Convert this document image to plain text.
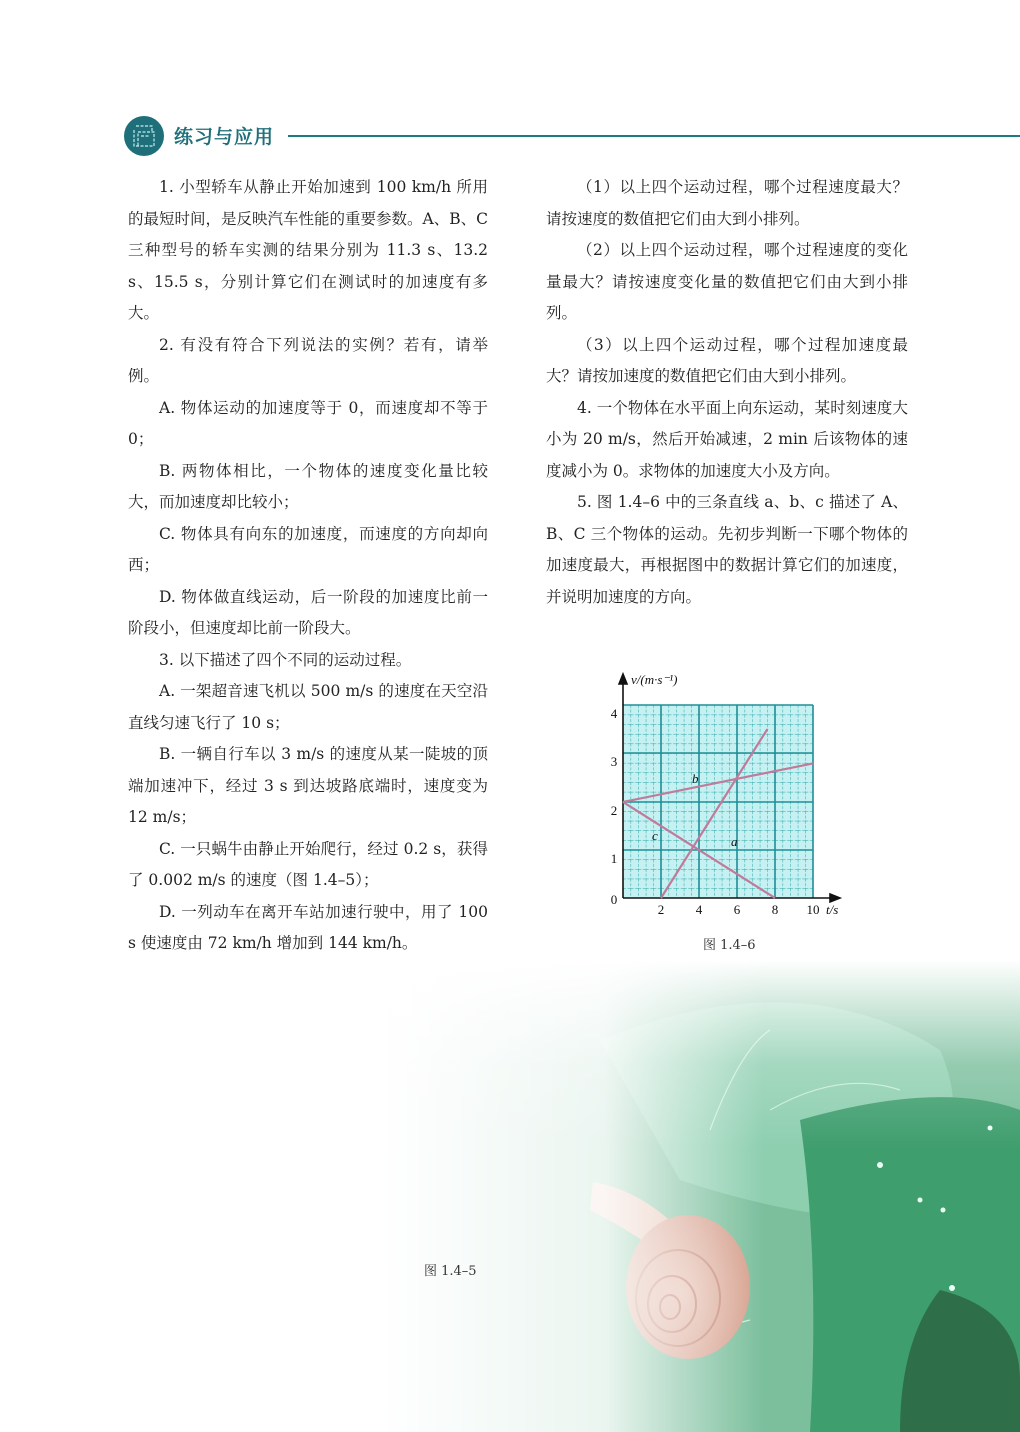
练习与应用

1. 小型轿车从静止开始加速到 100 km/h 所用的最短时间，是反映汽车性能的重要参数。A、B、C 三种型号的轿车实测的结果分别为 11.3 s、13.2 s、15.5 s，分别计算它们在测试时的加速度有多大。

2. 有没有符合下列说法的实例？若有，请举例。

A. 物体运动的加速度等于 0，而速度却不等于 0；

B. 两物体相比，一个物体的速度变化量比较大，而加速度却比较小；

C. 物体具有向东的加速度，而速度的方向却向西；

D. 物体做直线运动，后一阶段的加速度比前一阶段小，但速度却比前一阶段大。

3. 以下描述了四个不同的运动过程。

A. 一架超音速飞机以 500 m/s 的速度在天空沿直线匀速飞行了 10 s；

B. 一辆自行车以 3 m/s 的速度从某一陡坡的顶端加速冲下，经过 3 s 到达坡路底端时，速度变为 12 m/s；

C. 一只蜗牛由静止开始爬行，经过 0.2 s，获得了 0.002 m/s 的速度（图 1.4–5）；

D. 一列动车在离开车站加速行驶中，用了 100 s 使速度由 72 km/h 增加到 144 km/h。

（1）以上四个运动过程，哪个过程速度最大？请按速度的数值把它们由大到小排列。

（2）以上四个运动过程，哪个过程速度的变化量最大？请按速度变化量的数值把它们由大到小排列。

（3）以上四个运动过程，哪个过程加速度最大？请按加速度的数值把它们由大到小排列。

4. 一个物体在水平面上向东运动，某时刻速度大小为 20 m/s，然后开始减速，2 min 后该物体的速度减小为 0。求物体的加速度大小及方向。

5. 图 1.4–6 中的三条直线 a、b、c 描述了 A、B、C 三个物体的运动。先初步判断一下哪个物体的加速度最大，再根据图中的数据计算它们的加速度，并说明加速度的方向。

4
3
2
1
0
2 4 6 8 10 t/s
v/(m·s⁻¹)
a
b
c
图 1.4–6
图 1.4–5
